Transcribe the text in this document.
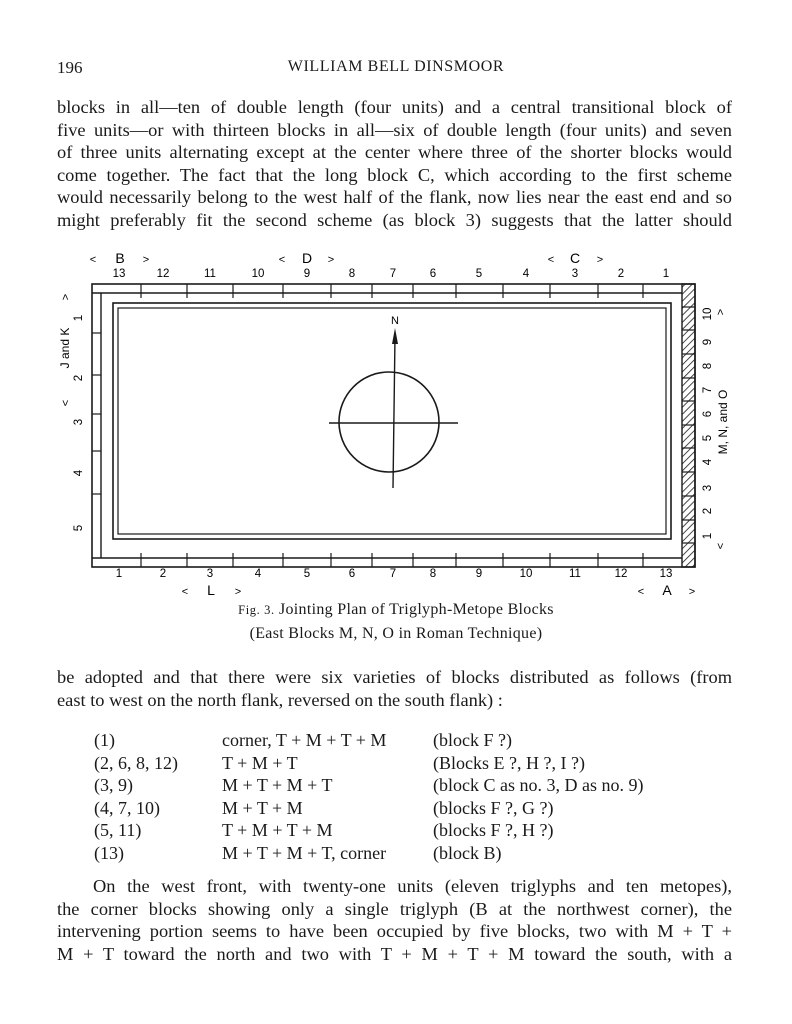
196	WILLIAM BELL DINSMOOR
blocks in all—ten of double length (four units) and a central transitional block of
five units—or with thirteen blocks in all—six of double length (four units) and seven
of three units alternating except at the center where three of the shorter blocks would
come together. The fact that the long block C, which according to the first scheme
would necessarily belong to the west half of the flank, now lies near the east end and so
might preferably fit the second scheme (as block 3) suggests that the latter should
< B >	< D >	< C >
13	12	11	10	9	8	7	6	5	4	3	2	1
N
J and K
>
<
1
2
3
4
5
M, N, and O
>
<
1
2
3
4
5
6
7
8
9
10
1	2	3	4	5	6	7	8	9	10	11	12	13
< L >	< A >
Fig. 3. Jointing Plan of Triglyph-Metope Blocks
(East Blocks M, N, O in Roman Technique)
be adopted and that there were six varieties of blocks distributed as follows (from
east to west on the north flank, reversed on the south flank) :
(1)	corner, T + M + T + M	(block F ?)
(2, 6, 8, 12) T + M + T	(Blocks E ?, H ?, I ?)
(3, 9)	M + T + M + T	(block C as no. 3, D as no. 9)
(4, 7, 10)	M + T + M	(blocks F ?, G ?)
(5, 11)	T + M + T + M	(blocks F ?, H ?)
(13)	M + T + M + T, corner	(block B)
On the west front, with twenty-one units (eleven triglyphs and ten metopes),
the corner blocks showing only a single triglyph (B at the northwest corner), the
intervening portion seems to have been occupied by five blocks, two with M + T +
M + T toward the north and two with T + M + T + M toward the south, with a
